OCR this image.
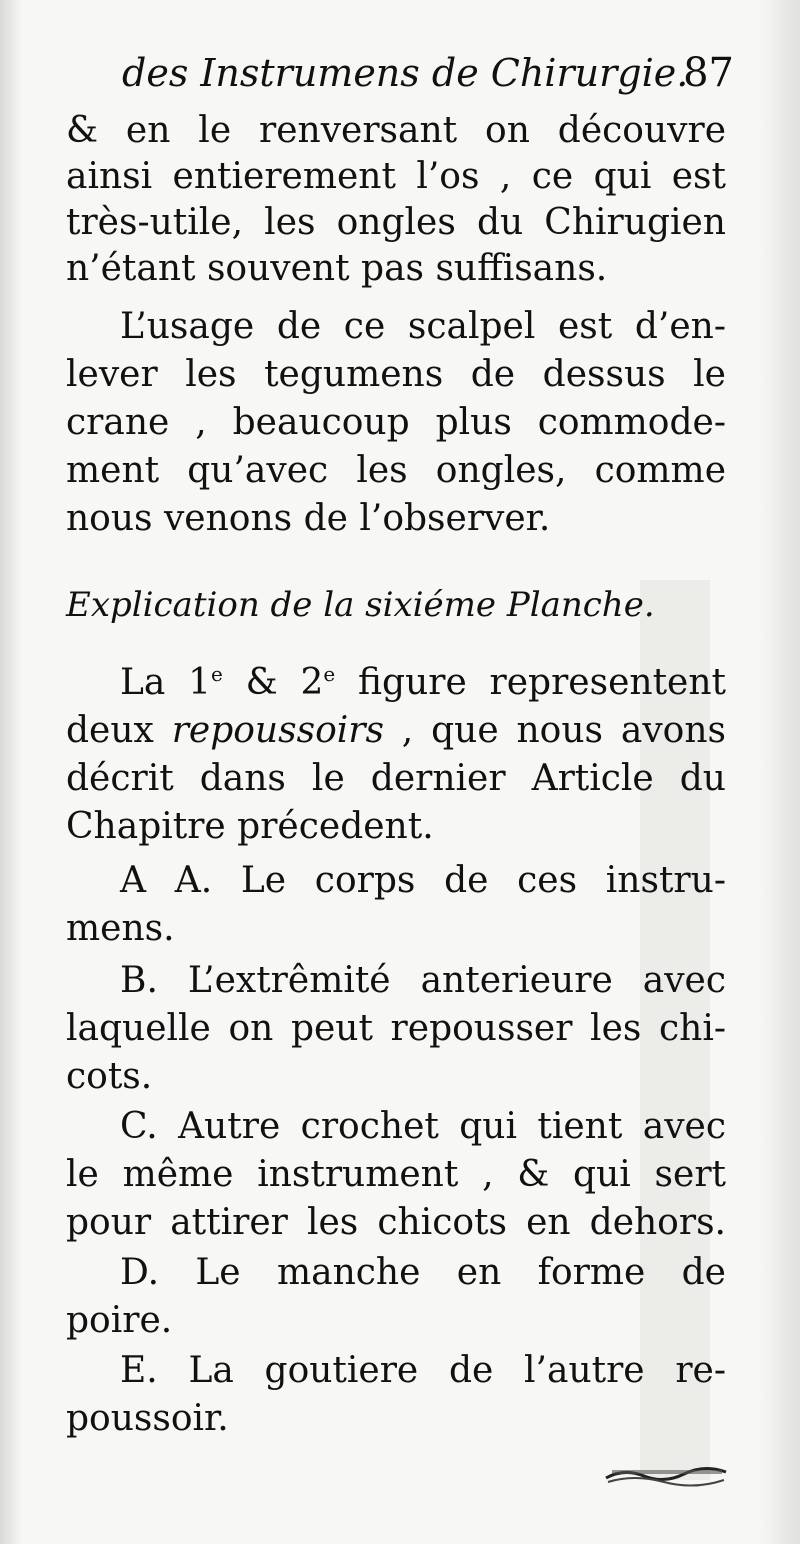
des Instrumens de Chirurgie.
87
& en le renversant on découvre
ainsi entierement l’os , ce qui est
très-utile, les ongles du Chirugien
n’étant souvent pas suffisans.
L’usage de ce scalpel est d’en-
lever les tegumens de dessus le
crane , beaucoup plus commode-
ment qu’avec les ongles, comme
nous venons de l’observer.
Explication de la sixiéme Planche.
La 1e & 2e figure representent
deux repoussoirs , que nous avons
décrit dans le dernier Article du
Chapitre précedent.
A A. Le corps de ces instru-
mens.
B. L’extrêmité anterieure avec
laquelle on peut repousser les chi-
cots.
C. Autre crochet qui tient avec
le même instrument , & qui sert
pour attirer les chicots en dehors.
D. Le manche en forme de
poire.
E. La goutiere de l’autre re-
poussoir.
